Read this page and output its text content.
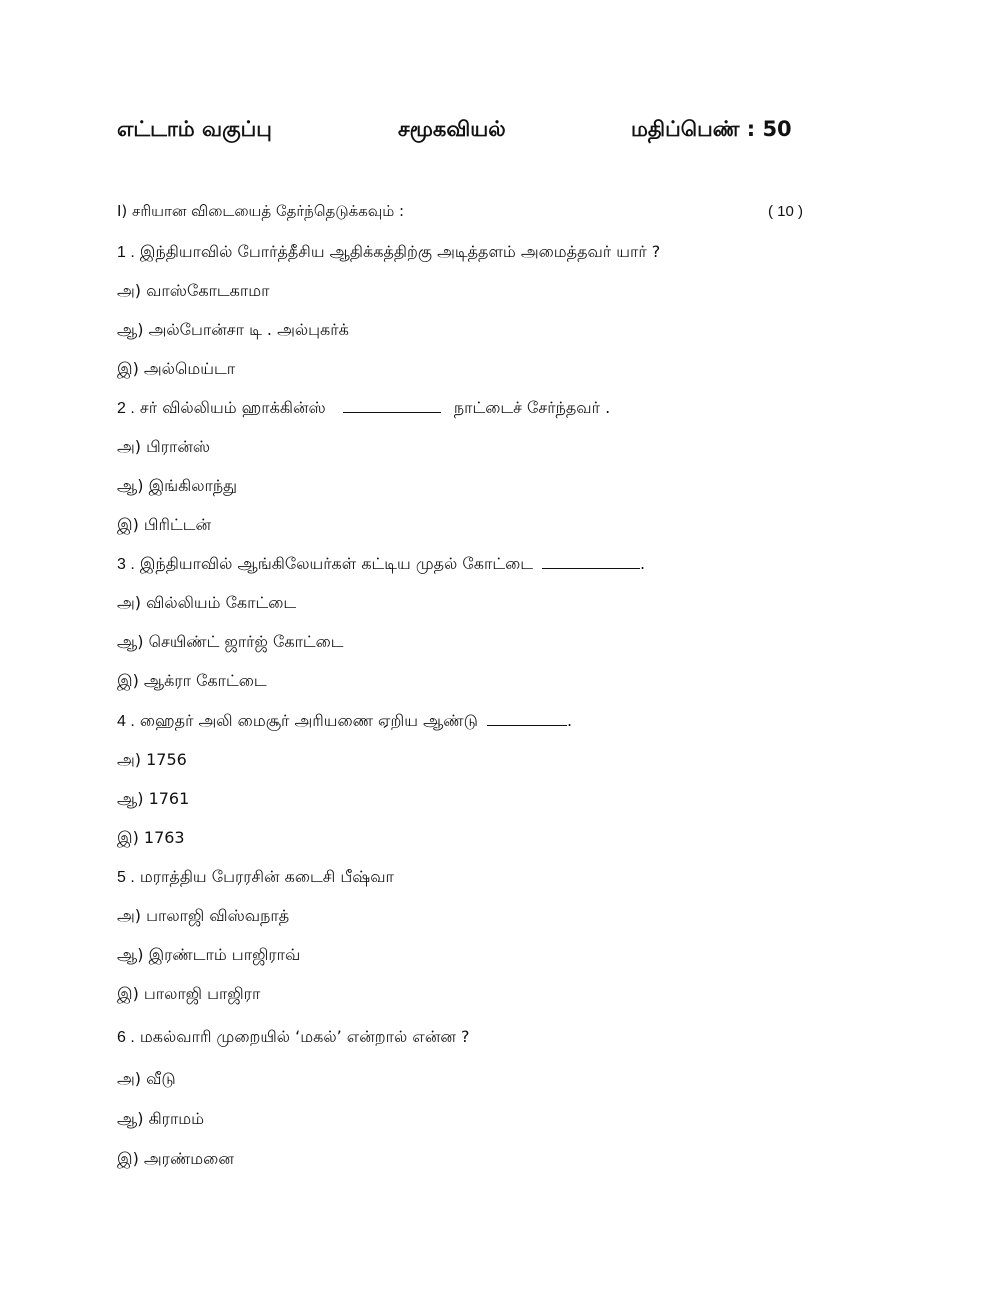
எட்டாம் வகுப்பு	சமூகவியல்	மதிப்பெண் : 50
I) சரியான விடையைத் தேர்ந்தெடுக்கவும் :	( 10 )
1 . இந்தியாவில் போர்த்தீசிய ஆதிக்கத்திற்கு அடித்தளம் அமைத்தவர் யார் ?
அ) வாஸ்கோடகாமா
ஆ) அல்போன்சா டி . அல்புகர்க்
இ) அல்மெய்டா
2 . சர் வில்லியம் ஹாக்கின்ஸ்	நாட்டைச் சேர்ந்தவர் .
அ) பிரான்ஸ்
ஆ) இங்கிலாந்து
இ) பிரிட்டன்
3 . இந்தியாவில் ஆங்கிலேயர்கள் கட்டிய முதல் கோட்டை	.
அ) வில்லியம் கோட்டை
ஆ) செயிண்ட் ஜார்ஜ் கோட்டை
இ) ஆக்ரா கோட்டை
4 . ஹைதர் அலி மைசூர் அரியணை ஏறிய ஆண்டு	.
அ) 1756
ஆ) 1761
இ) 1763
5 . மராத்திய பேரரசின் கடைசி பீஷ்வா
அ) பாலாஜி விஸ்வநாத்
ஆ) இரண்டாம் பாஜிராவ்
இ) பாலாஜி பாஜிரா
6 . மகல்வாரி முறையில் ‘மகல்’ என்றால் என்ன ?
அ) வீடு
ஆ) கிராமம்
இ) அரண்மனை
